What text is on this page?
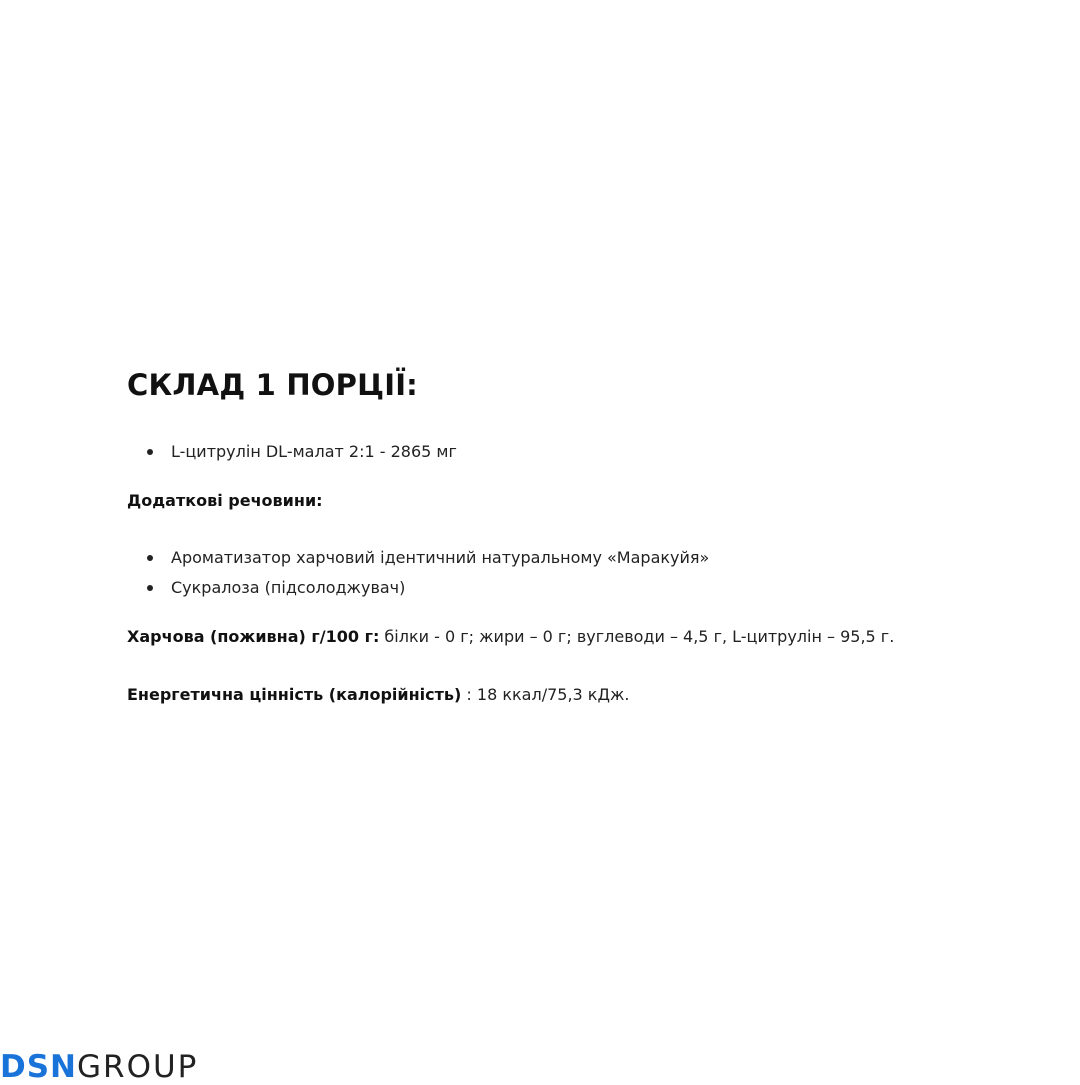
СКЛАД 1 ПОРЦІЇ:
L-цитрулін DL-малат 2:1 - 2865 мг

Додаткові речовини:

Ароматизатор харчовий ідентичний натуральному «Маракуйя»
Сукралоза (підсолоджувач)

Харчова (поживна) г/100 г: білки - 0 г; жири – 0 г; вуглеводи – 4,5 г, L-цитрулін – 95,5 г.

Енергетична цінність (калорійність) : 18 ккал/75,3 кДж.

DSN GROUP
